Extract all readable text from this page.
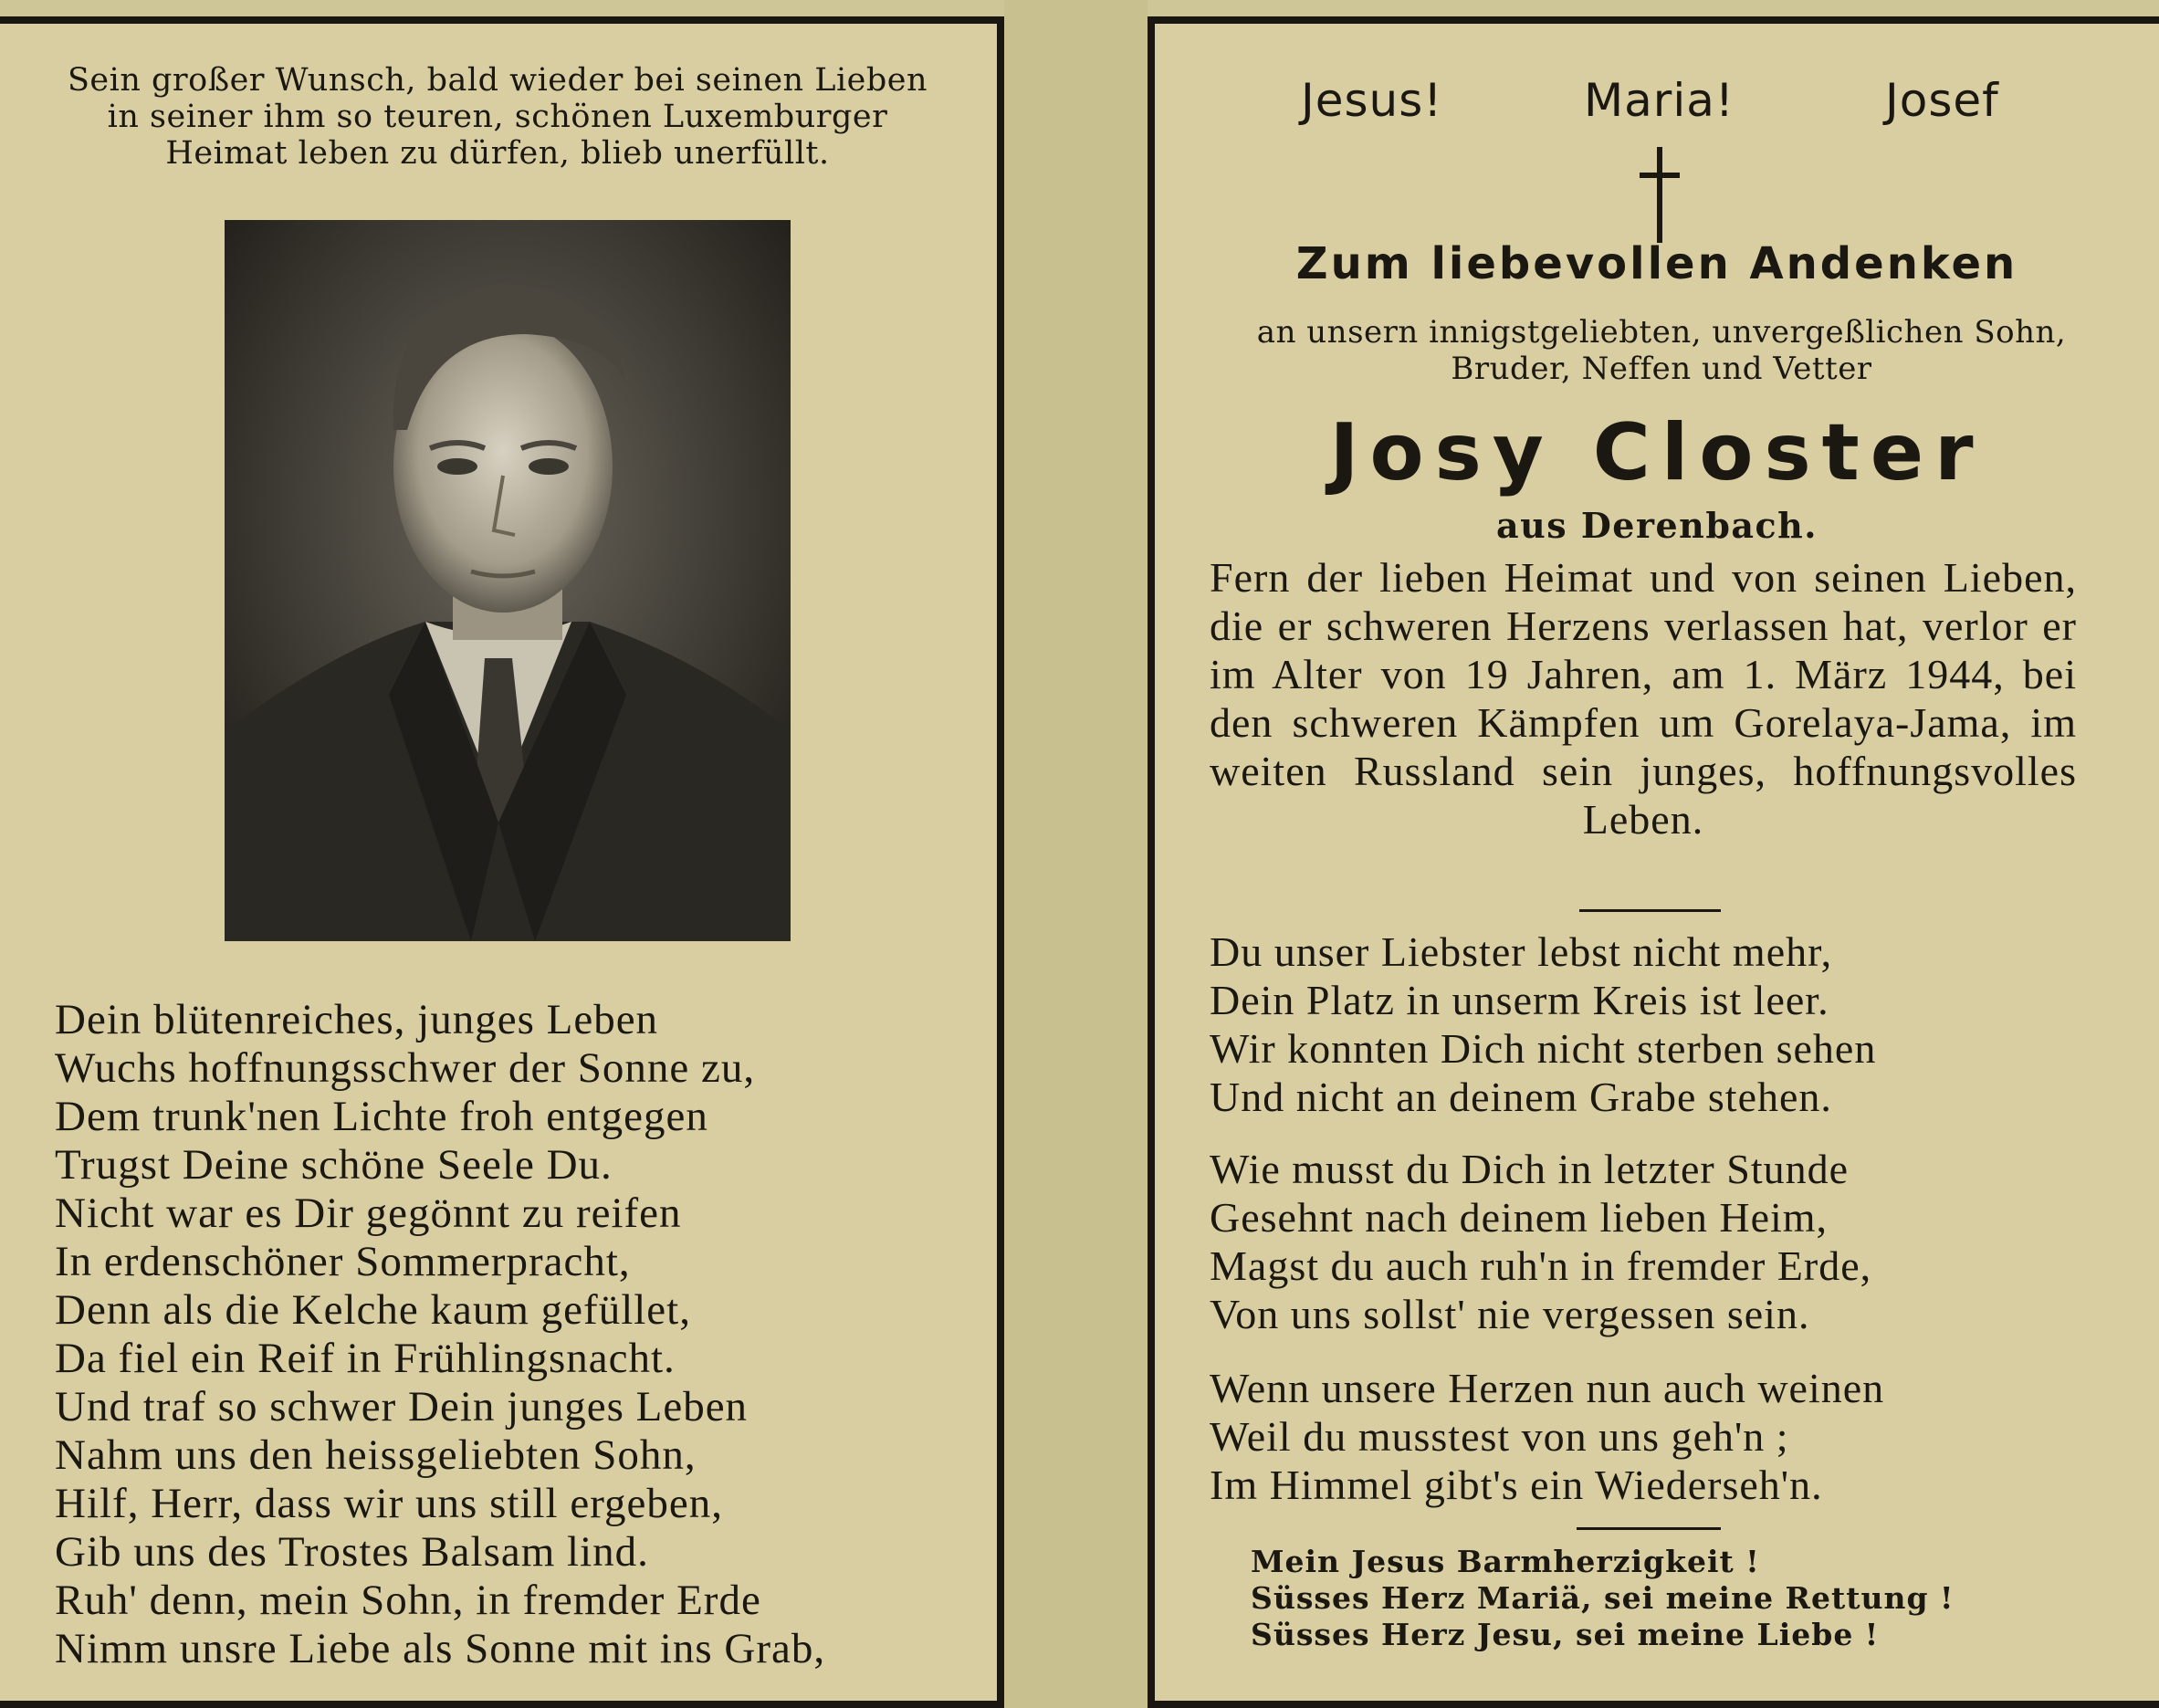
Sein großer Wunsch, bald wieder bei seinen Lieben
in seiner ihm so teuren, schönen Luxemburger
Heimat leben zu dürfen, blieb unerfüllt.
Dein blütenreiches, junges Leben
Wuchs hoffnungsschwer der Sonne zu,
Dem trunk'nen Lichte froh entgegen
Trugst Deine schöne Seele Du.
Nicht war es Dir gegönnt zu reifen
In erdenschöner Sommerpracht,
Denn als die Kelche kaum gefüllet,
Da fiel ein Reif in Frühlingsnacht.
Und traf so schwer Dein junges Leben
Nahm uns den heissgeliebten Sohn,
Hilf, Herr, dass wir uns still ergeben,
Gib uns des Trostes Balsam lind.
Ruh' denn, mein Sohn, in fremder Erde
Nimm unsre Liebe als Sonne mit ins Grab,
Jesus!	Maria!	Josef
Zum liebevollen Andenken
an unsern innigstgeliebten, unvergeßlichen Sohn,
Bruder, Neffen und Vetter
Josy Closter
aus Derenbach.
Fern der lieben Heimat und von seinen Lieben, die er schweren Herzens verlassen hat, verlor er im Alter von 19 Jahren, am 1. März 1944, bei den schweren Kämpfen um Gorelaya-Jama, im weiten Russland sein junges, hoffnungsvolles Leben.
Du unser Liebster lebst nicht mehr,
Dein Platz in unserm Kreis ist leer.
Wir konnten Dich nicht sterben sehen
Und nicht an deinem Grabe stehen.
Wie musst du Dich in letzter Stunde
Gesehnt nach deinem lieben Heim,
Magst du auch ruh'n in fremder Erde,
Von uns sollst' nie vergessen sein.
Wenn unsere Herzen nun auch weinen
Weil du musstest von uns geh'n ;
Im Himmel gibt's ein Wiederseh'n.
Mein Jesus Barmherzigkeit !
Süsses Herz Mariä, sei meine Rettung !
Süsses Herz Jesu, sei meine Liebe !
